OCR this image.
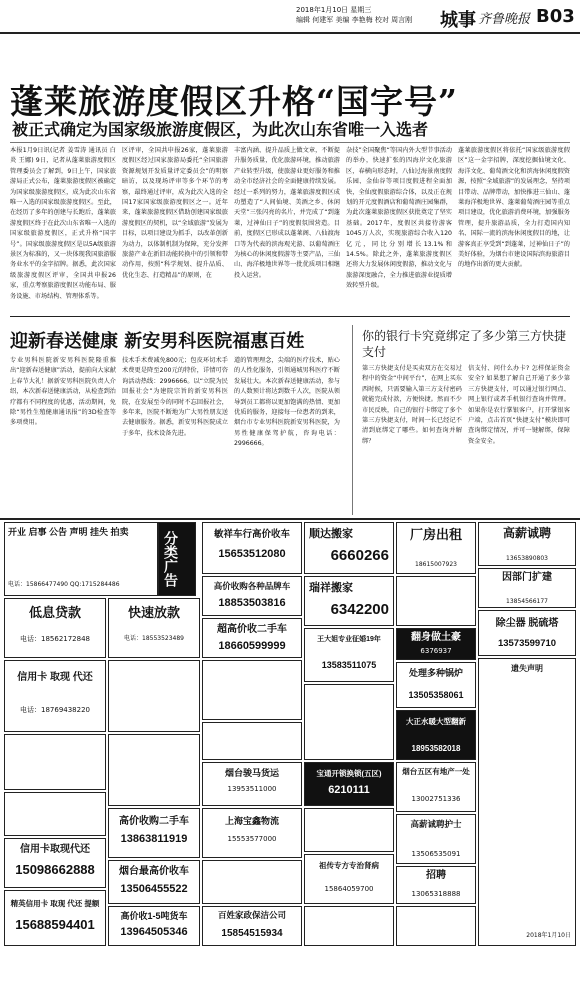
2018年1月10日 星期三
编辑 何建军 美编 李艳梅 校对 周言刚 城事 齐鲁晚报 B03
蓬莱旅游度假区升格“国字号”
被正式确定为国家级旅游度假区，为此次山东省唯一入选者
本报1月9日讯(记者 姜雪涛 通讯员 白炎 王娜) 9日，记者从蓬莱旅游度假区管理委员会了解到，9日上午，国家旅游局正式公布，蓬莱旅游度假区被确定为国家级旅游度假区，成为此次山东省唯一入选的国家级旅游度假区。至此，在经历了多年的创建与长跑后，蓬莱旅游度假区终于在此次山东省唯一入选的国家级旅游度假区，正式升格“国字号”。国家级旅游度假区是以5A级旅游景区为标准的，又一块体现我国旅游服务业水平的金字招牌。据悉，此次国家级旅游度假区评审，全国共申报26家，重点考察旅游度假区功能布局、服务设施、市场结构、管理体系等。
区评审，全国共申报26家，蓬莱旅游度假区经过国家旅游局委托“全国旅游资源规划开发质量评定委员会”的明察暗访，以及现场评审等多个环节的考察，最终通过评审，成为此次入选的全国17家国家级旅游度假区之一。近年来，蓬莱旅游度假区借助创建国家级旅游度假区的契机，以“全域旅游”发展为目标，以项目建设为抓手，以改革创新为动力，以体制机制为保障，充分发挥旅游产业在新旧动能转换中的引领和带动作用，按照“科学规划、提升品质、优化生态、打造精品”的原则，在
丰富内涵、提升品质上做文章，不断提升服务质量，优化旅游环境，推动旅游产业转型升级，使旅游业更好服务和推动全市经济社会的全面健康持续发展。经过一系列的努力，蓬莱旅游度假区成功塑造了“人间仙境、美酒之乡、休闲天堂”三张闪亮的名片，并完成了“到蓬莱，过神仙日子”的度假氛围营造。目前，度假区已形成以蓬莱阁、八仙渡海口等为代表的滨海观光游、以葡萄酒庄为核心的休闲度假游等主要产品，三仙山、海洋极地世界等一批优质项目相继投入运营。
杂技”全国聚焦“等国内外大型节事活动的举办，快速扩张的四海岸文化旅游区，春横向形态时，八仙过海景南度假乐园、金仙谷等项目度假进程全面加快，全仙度假旅游综合体，以及正在规划的开元度假酒店和葡萄酒庄园集群，为此次蓬莱旅游度假区获批奠定了坚实基础。2017年，度假区共接待游客1045万人次，实现旅游综合收入120亿元，同比分别增长13.1%和14.5%。除此之外，蓬莱旅游度假区还将大力发展休闲度假游，推动文化与旅游深度融合，全力推进旅游业提质增效转型升级。
蓬莱旅游度假区将依托“国家级旅游度假区”这一金字招牌，深度挖掘仙境文化、海洋文化、葡萄酒文化和滨海休闲度假资源，按照“全域旅游”的发展理念，坚持项目带动、品牌带动，加快推进三仙山、蓬莱海洋极地世界、蓬莱葡萄酒庄园等重点项目建设，优化旅游消费环境，加强服务管理，提升旅游品质，全力打造国内知名、国际一流的滨海休闲度假目的地，让游客真正享受到“到蓬莱，过神仙日子”的美好体验，为烟台市建设国际滨海旅游目的地作出新的更大贡献。
迎新春送健康 新安男科医院福惠百姓
专业男科医院新安男科医院隆重推出“迎新春送健康”活动，提前向大家献上春节大礼！据新安男科医院负责人介绍，本次新春送健康活动，从检查到治疗都有不同程度的优惠，活动期间，免除“男性生殖健康通讯报”的3D检查等多项费用。
技术手术费减免800元；包皮环切术手术费更是降至200元的特价，详情可咨询活动热线：2996666。以“立院为民 回报社会”为建院宗旨的新安男科医院，在发展至今的同时不忘回报社会，多年来，医院不断地为广大男性朋友送去健康服务。据悉，新安男科医院成立于多年，技术设备先进。
道的管理理念，尖端的医疗技术，贴心的人性化服务，引领通城男科医疗不断发展壮大。本次新春送健康活动，参与的人数预计将达到数千人次，医院从领导到员工都将以更加饱满的热情、更加优质的服务，迎接每一位患者的到来，烟台市专业男科医院新安男科医院，为男性健康保驾护航，咨询电话：2996666。
你的银行卡究竟绑定了多少第三方快捷支付
第三方快捷支付是买卖双方在交易过程中的资金“中间平台”，在网上买东西时候，只需要输入第三方支付密码就能完成付款，方便快捷。然而不少市民反映，自己的银行卡绑定了多个第三方快捷支付，时间一长已经记不清到底绑定了哪些。如何查询并解绑？
信支付、问什么办卡? 怎样保证资金安全? 如果想了解自己开通了多少第三方快捷支付，可以通过银行网点、网上银行或者手机银行查询并管理。如果你是农行掌银客户，打开掌银客户端，点击首页“快捷支付”模块即可查询绑定情况，并可一键解绑，保障资金安全。
开业 启事 公告 声明 挂失 拍卖
电话：15866477490 QQ:1715284486	分类广告
低息贷款
电话：18562172848
快速放款
电话：18553523489
信用卡 取现 代还
电话：18769438220
信用卡取现代还
15098662888
精英信用卡 取现 代还 提额
15688594401
高价收购二手车
13863811919
烟台最高价收车
13506455522
高价收1-5吨货车
13964505346
敏祥车行高价收车
15653512080
高价收购各种品牌车
18853503816
超高价收二手车
18660599999
烟台骏马货运
13953511000
上海宝鑫物流
15553577000
百姓家政保洁公司
15854515934
顺达搬家
6660266
瑞祥搬家
6342200
王大姐专业征婚19年
13583511075
宝通开锁换锁(五区)
6210111
祖传专方专治肾病
15864059700
厂房出租
18615007923
翻身做土豪
6376937
处理多种锅炉
13505358061
大正水暖大型翻新
18953582018
烟台五区有地产一处
13002751336
高薪诚聘护士
13506535091
招聘
13065318888
高薪诚聘
13653890803
因部门扩建
13854566177
除尘器 脱硫塔
13573599710
遗失声明
2018年1月10日
